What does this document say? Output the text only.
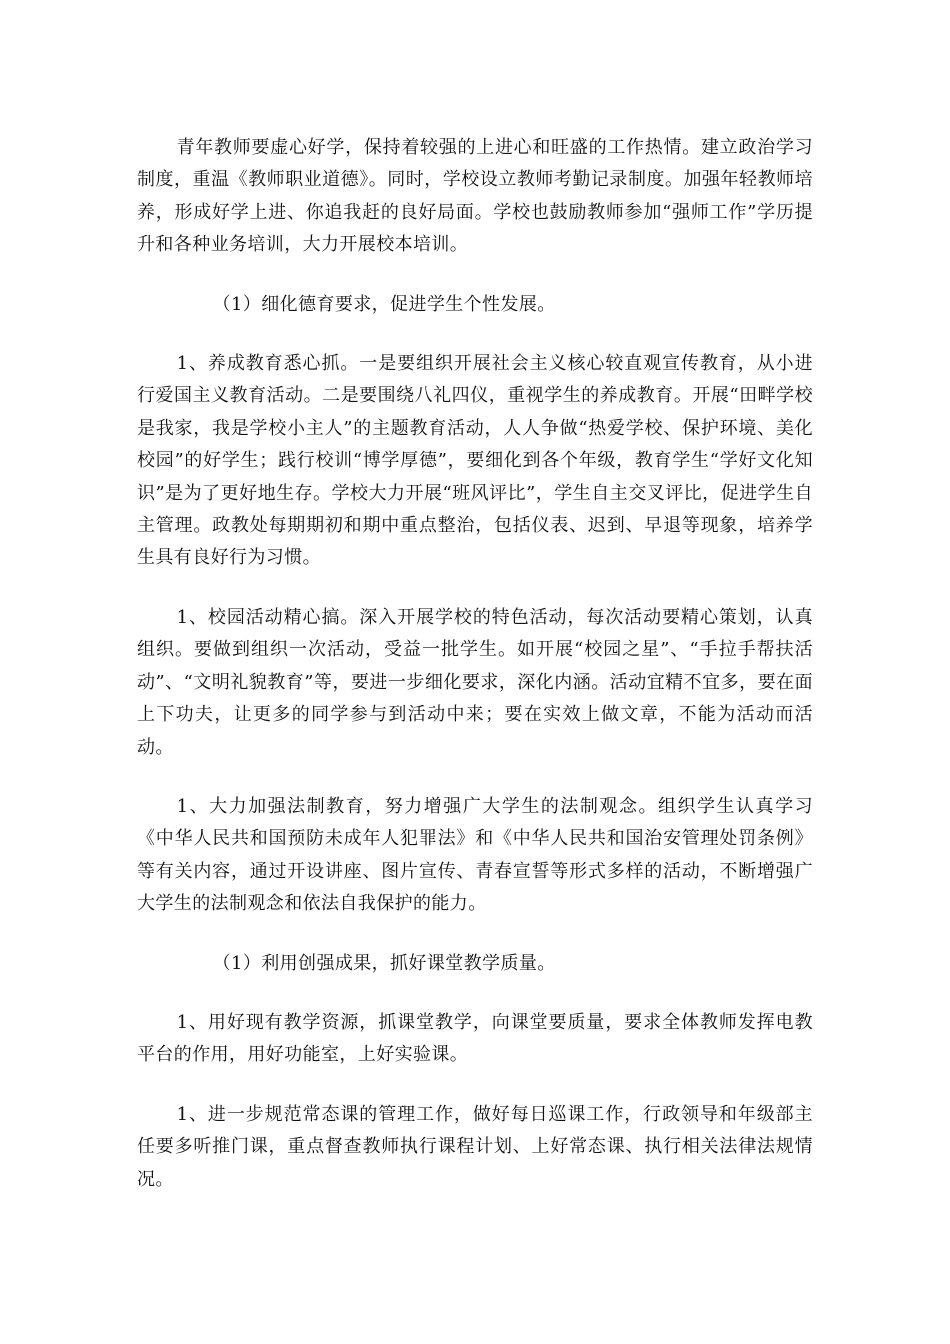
青年教师要虚心好学，保持着较强的上进心和旺盛的工作热情。建立政治学习制度，重温《教师职业道德》。同时，学校设立教师考勤记录制度。加强年轻教师培养，形成好学上进、你追我赶的良好局面。学校也鼓励教师参加“强师工作”学历提升和各种业务培训，大力开展校本培训。

（1）细化德育要求，促进学生个性发展。

1、养成教育悉心抓。一是要组织开展社会主义核心较直观宣传教育，从小进行爱国主义教育活动。二是要围绕八礼四仪，重视学生的养成教育。开展“田畔学校是我家，我是学校小主人”的主题教育活动，人人争做“热爱学校、保护环境、美化校园”的好学生；践行校训“博学厚德”，要细化到各个年级，教育学生“学好文化知识”是为了更好地生存。学校大力开展“班风评比”，学生自主交叉评比，促进学生自主管理。政教处每期期初和期中重点整治，包括仪表、迟到、早退等现象，培养学生具有良好行为习惯。

1、校园活动精心搞。深入开展学校的特色活动，每次活动要精心策划，认真组织。要做到组织一次活动，受益一批学生。如开展“校园之星”、“手拉手帮扶活动”、“文明礼貌教育”等，要进一步细化要求，深化内涵。活动宜精不宜多，要在面上下功夫，让更多的同学参与到活动中来；要在实效上做文章，不能为活动而活动。

1、大力加强法制教育，努力增强广大学生的法制观念。组织学生认真学习《中华人民共和国预防未成年人犯罪法》和《中华人民共和国治安管理处罚条例》等有关内容，通过开设讲座、图片宣传、青春宣誓等形式多样的活动，不断增强广大学生的法制观念和依法自我保护的能力。

（1）利用创强成果，抓好课堂教学质量。

1、用好现有教学资源，抓课堂教学，向课堂要质量，要求全体教师发挥电教平台的作用，用好功能室，上好实验课。

1、进一步规范常态课的管理工作，做好每日巡课工作，行政领导和年级部主任要多听推门课，重点督查教师执行课程计划、上好常态课、执行相关法律法规情况。
